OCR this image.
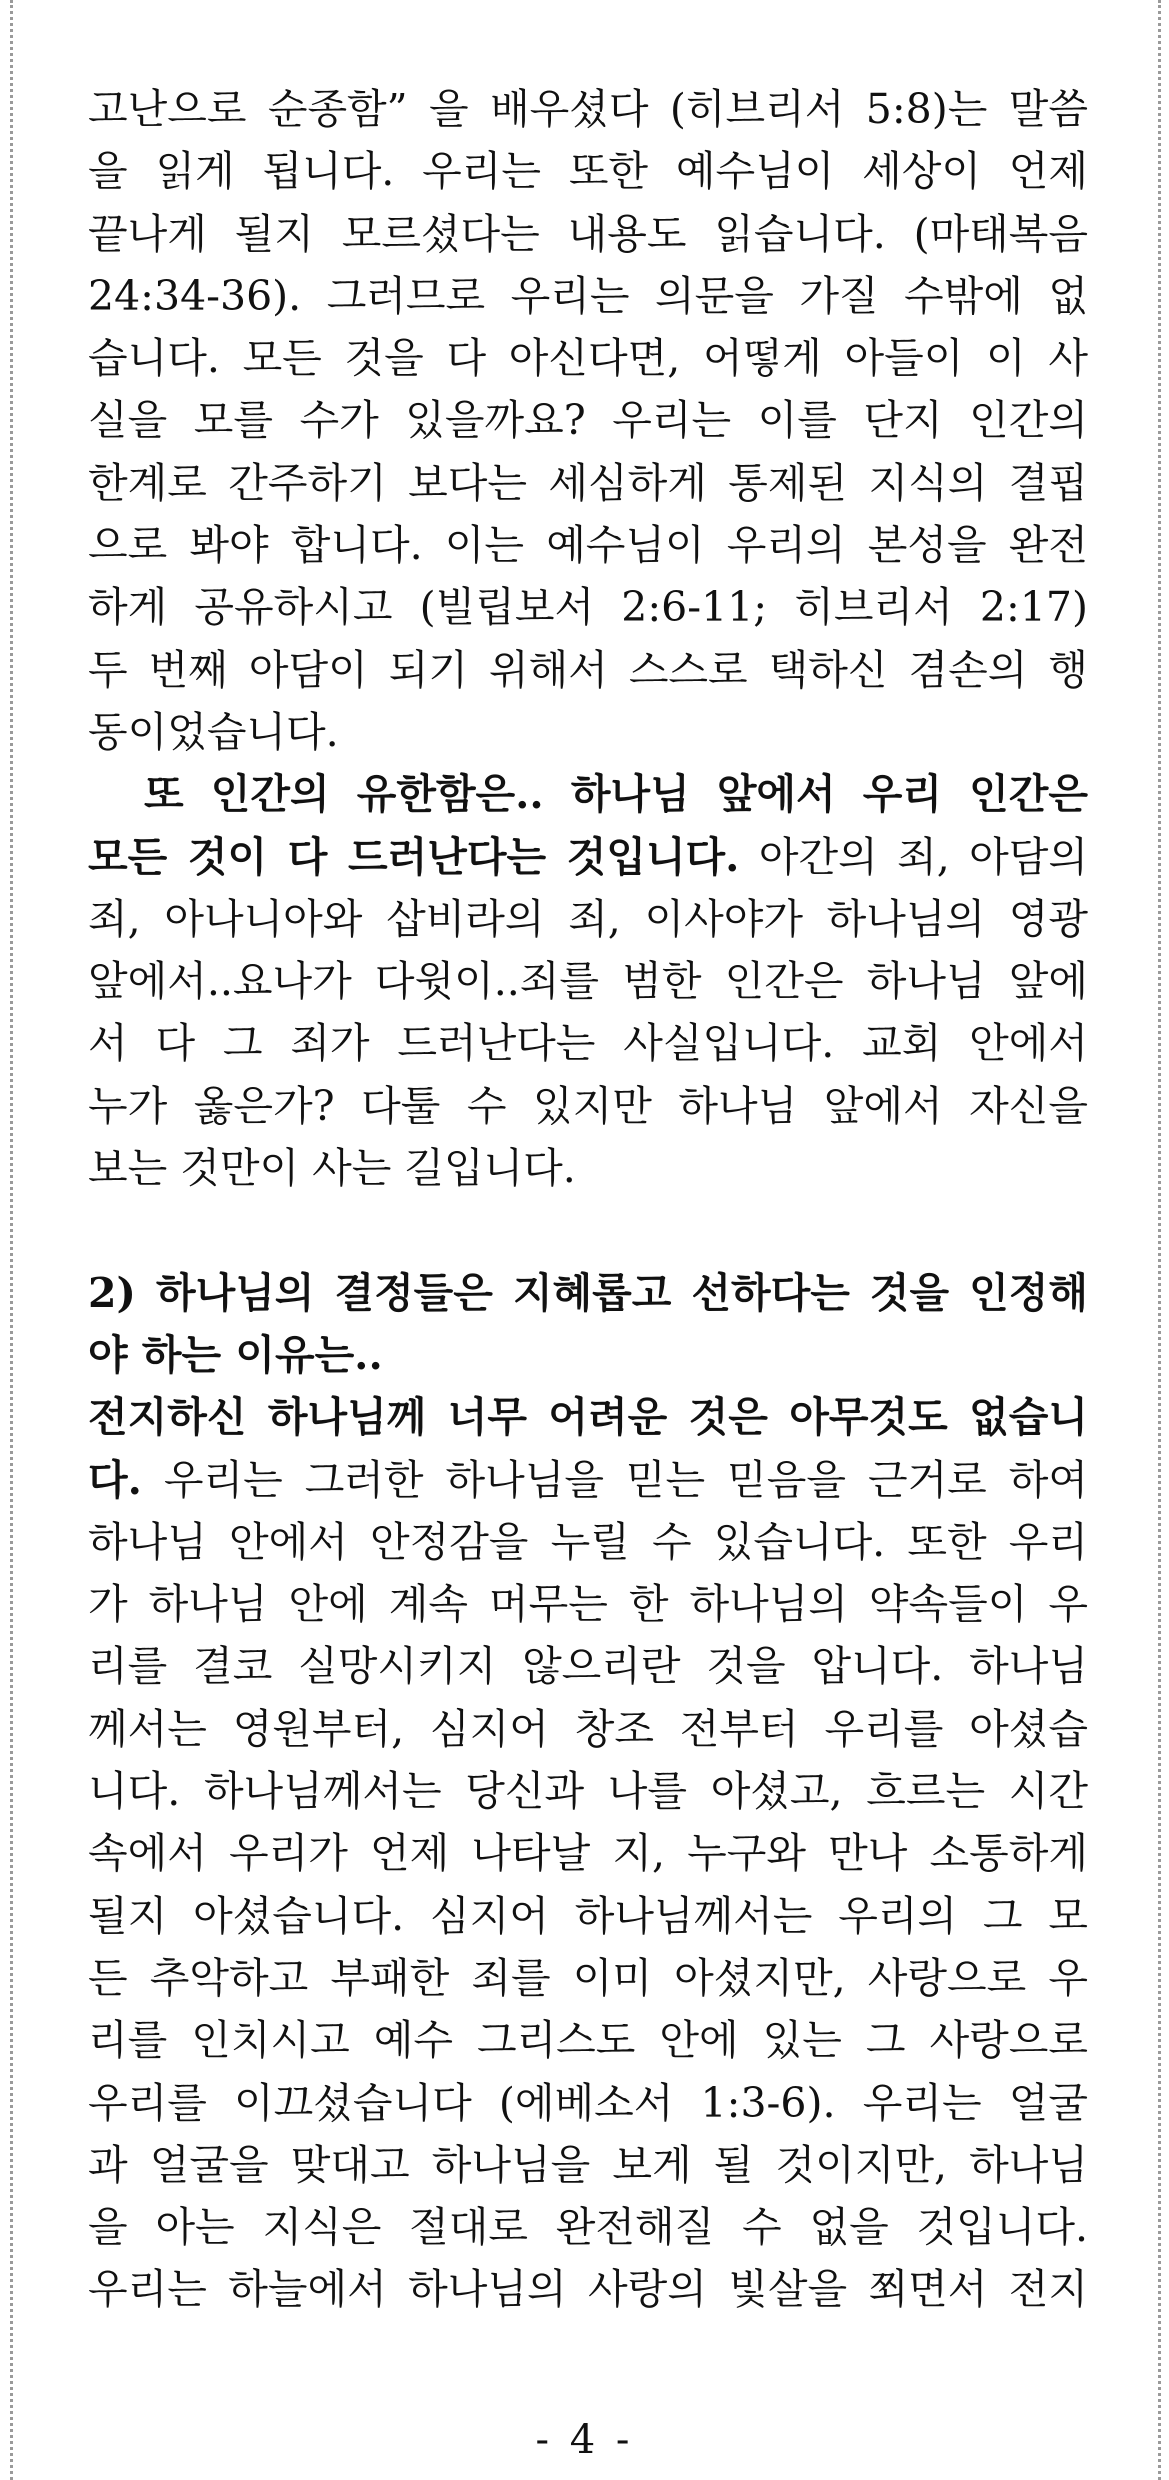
고난으로 순종함” 을 배우셨다 (히브리서 5:8)는 말씀
을 읽게 됩니다. 우리는 또한 예수님이 세상이 언제
끝나게 될지 모르셨다는 내용도 읽습니다. (마태복음
24:34-36). 그러므로 우리는 의문을 가질 수밖에 없
습니다. 모든 것을 다 아신다면, 어떻게 아들이 이 사
실을 모를 수가 있을까요? 우리는 이를 단지 인간의
한계로 간주하기 보다는 세심하게 통제된 지식의 결핍
으로 봐야 합니다. 이는 예수님이 우리의 본성을 완전
하게 공유하시고 (빌립보서 2:6-11; 히브리서 2:17)
두 번째 아담이 되기 위해서 스스로 택하신 겸손의 행
동이었습니다.
또 인간의 유한함은.. 하나님 앞에서 우리 인간은
모든 것이 다 드러난다는 것입니다. 아간의 죄, 아담의
죄, 아나니아와 삽비라의 죄, 이사야가 하나님의 영광
앞에서..요나가 다윗이..죄를 범한 인간은 하나님 앞에
서 다 그 죄가 드러난다는 사실입니다. 교회 안에서
누가 옳은가? 다툴 수 있지만 하나님 앞에서 자신을
보는 것만이 사는 길입니다.
2) 하나님의 결정들은 지혜롭고 선하다는 것을 인정해
야 하는 이유는..
전지하신 하나님께 너무 어려운 것은 아무것도 없습니
다. 우리는 그러한 하나님을 믿는 믿음을 근거로 하여
하나님 안에서 안정감을 누릴 수 있습니다. 또한 우리
가 하나님 안에 계속 머무는 한 하나님의 약속들이 우
리를 결코 실망시키지 않으리란 것을 압니다. 하나님
께서는 영원부터, 심지어 창조 전부터 우리를 아셨습
니다. 하나님께서는 당신과 나를 아셨고, 흐르는 시간
속에서 우리가 언제 나타날 지, 누구와 만나 소통하게
될지 아셨습니다. 심지어 하나님께서는 우리의 그 모
든 추악하고 부패한 죄를 이미 아셨지만, 사랑으로 우
리를 인치시고 예수 그리스도 안에 있는 그 사랑으로
우리를 이끄셨습니다 (에베소서 1:3-6). 우리는 얼굴
과 얼굴을 맞대고 하나님을 보게 될 것이지만, 하나님
을 아는 지식은 절대로 완전해질 수 없을 것입니다.
우리는 하늘에서 하나님의 사랑의 빛살을 쬐면서 전지
- 4 -
